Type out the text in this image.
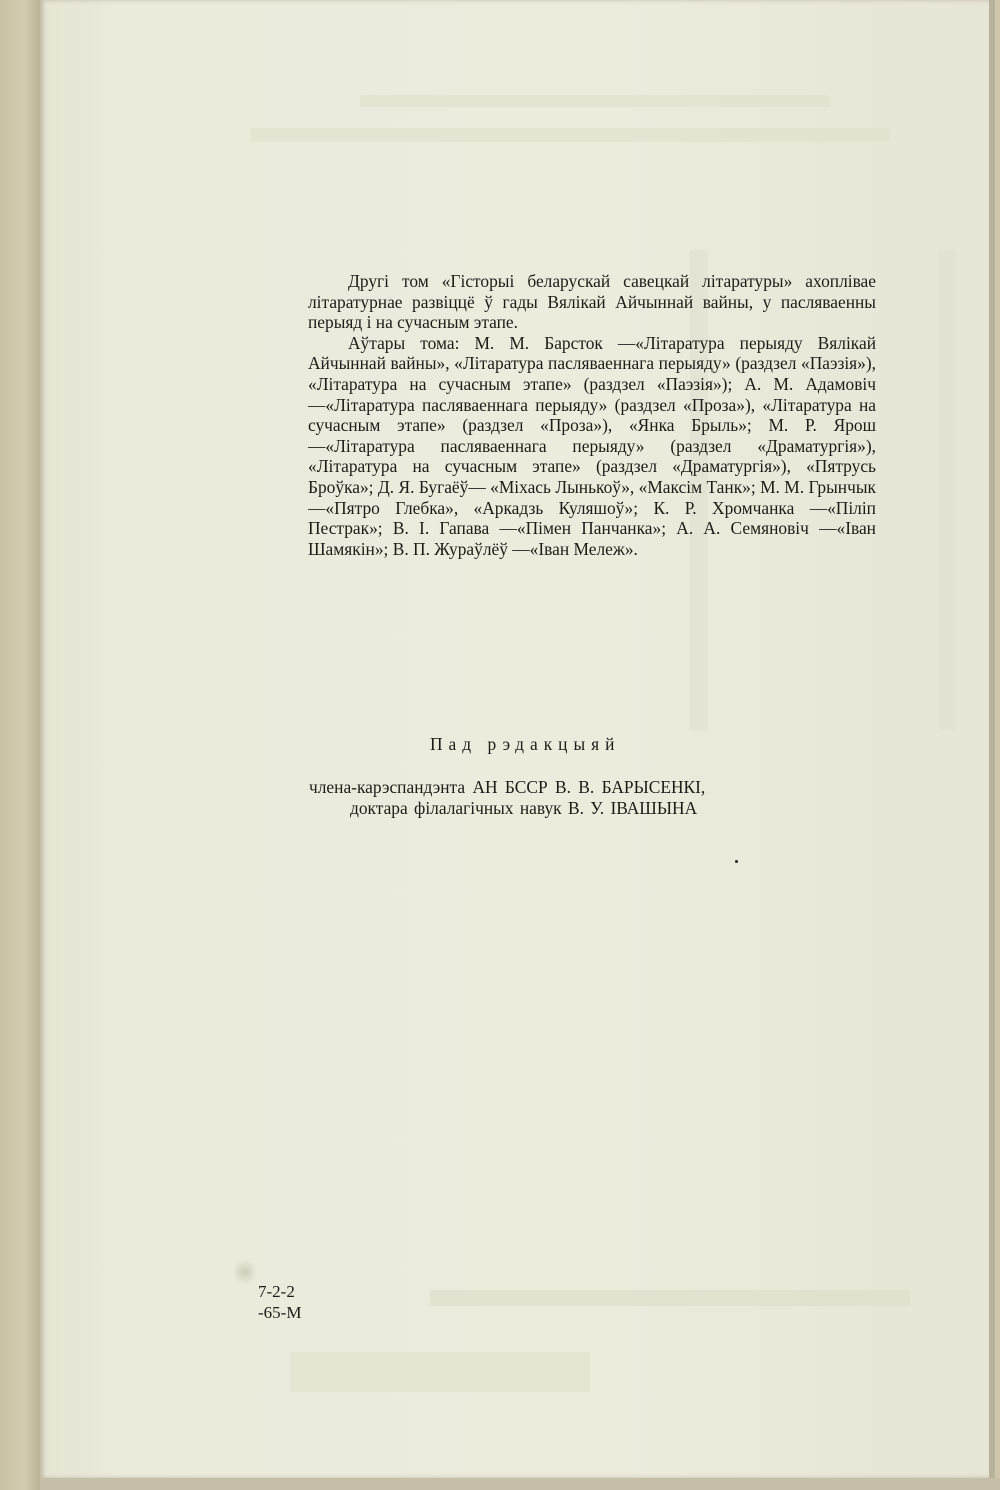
Другі том «Гісторыі беларускай савецкай літаратуры» ахоплівае літаратурнае развіццё ў гады Вялікай Айчыннай вайны, у пасляваенны перыяд і на сучасным этапе.

Аўтары тома: М. М. Барсток —«Літаратура перыяду Вялікай Айчыннай вайны», «Літаратура пасляваеннага перыяду» (раздзел «Паэзія»), «Літаратура на сучасным этапе» (раздзел «Паэзія»); А. М. Адамовіч —«Літаратура пасляваеннага перыяду» (раздзел «Проза»), «Літаратура на сучасным этапе» (раздзел «Проза»), «Янка Брыль»; М. Р. Ярош —«Літаратура пасляваеннага перыяду» (раздзел «Драматургія»), «Літаратура на сучасным этапе» (раздзел «Драматургія»), «Пятрусь Броўка»; Д. Я. Бугаёў— «Міхась Лынькоў», «Максім Танк»; М. М. Грынчык —«Пятро Глебка», «Аркадзь Куляшоў»; К. Р. Хромчанка —«Піліп Пестрак»; В. І. Гапава —«Пімен Панчанка»; А. А. Семяновіч —«Іван Шамякін»; В. П. Жураўлёў —«Іван Мележ».

Пад рэдакцыяй
члена-карэспандэнта АН БССР В. В. БАРЫСЕНКІ,
доктара філалагічных навук В. У. ІВАШЫНА
7-2-2
-65-М
